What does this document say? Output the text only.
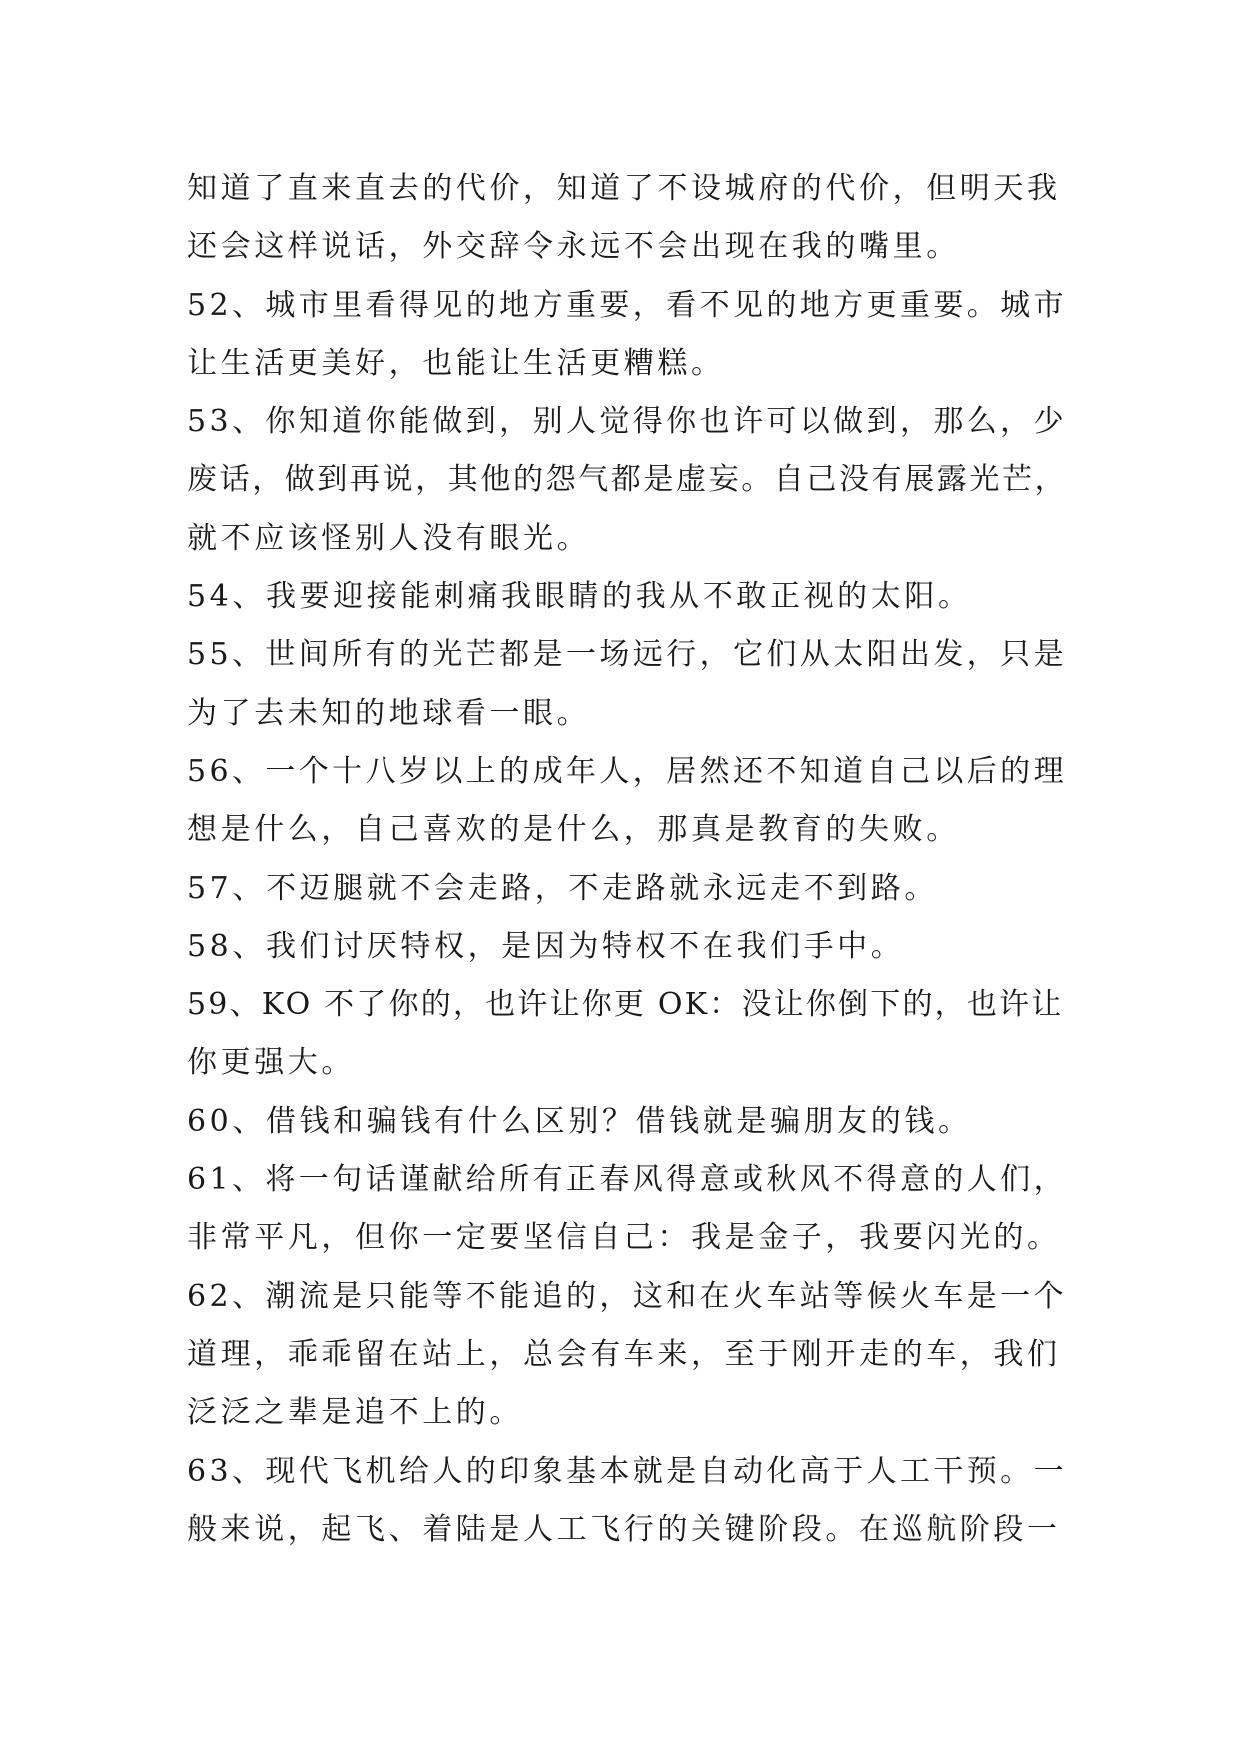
知道了直来直去的代价，知道了不设城府的代价，但明天我
还会这样说话，外交辞令永远不会出现在我的嘴里。
52、城市里看得见的地方重要，看不见的地方更重要。城市
让生活更美好，也能让生活更糟糕。
53、你知道你能做到，别人觉得你也许可以做到，那么，少
废话，做到再说，其他的怨气都是虚妄。自己没有展露光芒，
就不应该怪别人没有眼光。
54、我要迎接能刺痛我眼睛的我从不敢正视的太阳。
55、世间所有的光芒都是一场远行，它们从太阳出发，只是
为了去未知的地球看一眼。
56、一个十八岁以上的成年人，居然还不知道自己以后的理
想是什么，自己喜欢的是什么，那真是教育的失败。
57、不迈腿就不会走路，不走路就永远走不到路。
58、我们讨厌特权，是因为特权不在我们手中。
59、KO 不了你的，也许让你更 OK：没让你倒下的，也许让
你更强大。
60、借钱和骗钱有什么区别？借钱就是骗朋友的钱。
61、将一句话谨献给所有正春风得意或秋风不得意的人们，
非常平凡，但你一定要坚信自己：我是金子，我要闪光的。
62、潮流是只能等不能追的，这和在火车站等候火车是一个
道理，乖乖留在站上，总会有车来，至于刚开走的车，我们
泛泛之辈是追不上的。
63、现代飞机给人的印象基本就是自动化高于人工干预。一
般来说，起飞、着陆是人工飞行的关键阶段。在巡航阶段一
